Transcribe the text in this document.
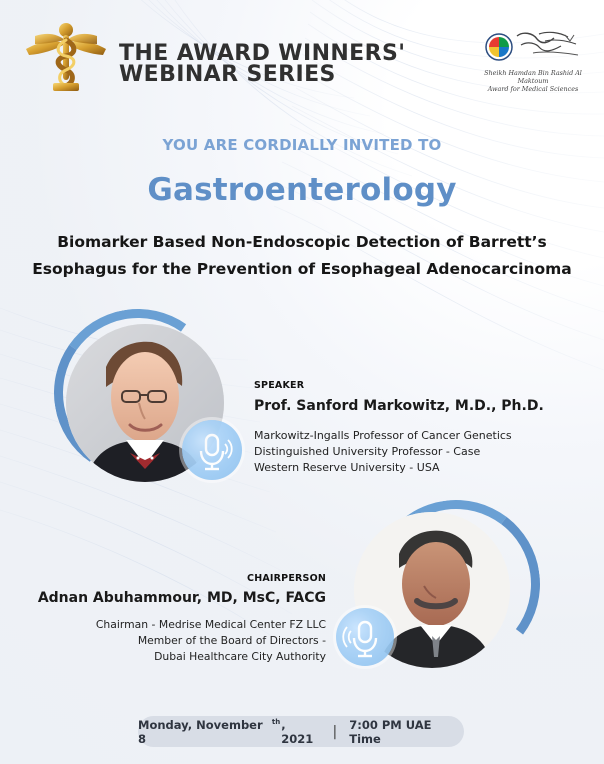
THE AWARD WINNERS'
WEBINAR SERIES	Sheikh Hamdan Bin Rashid Al Maktoum
Award for Medical Sciences
YOU ARE CORDIALLY INVITED TO
Gastroenterology
Biomarker Based Non-Endoscopic Detection of Barrett’s
Esophagus for the Prevention of Esophageal Adenocarcinoma
SPEAKER
Prof. Sanford Markowitz, M.D., Ph.D.
Markowitz-Ingalls Professor of Cancer Genetics
Distinguished University Professor - Case
Western Reserve University - USA
CHAIRPERSON
Adnan Abuhammour, MD, MsC, FACG
Chairman - Medrise Medical Center FZ LLC
Member of the Board of Directors -
Dubai Healthcare City Authority
Monday, November 8
$^{th}$ , 2021	| 7:00 PM UAE Time
